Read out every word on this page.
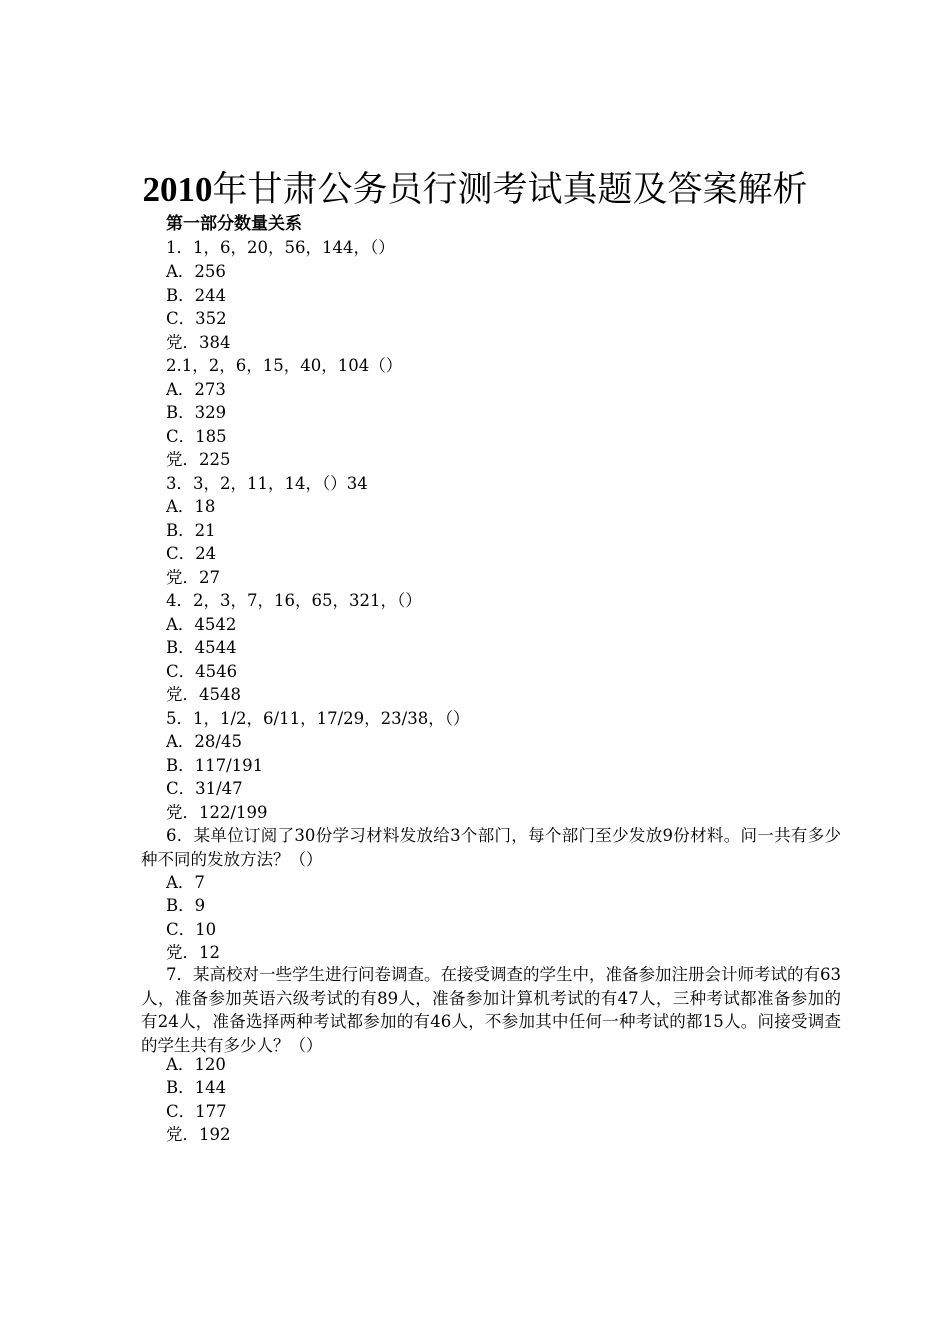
2010年甘肃公务员行测考试真题及答案解析
第一部分数量关系
1．1，6，20，56，144，（）
A．256
B．244
C．352
党．384
2.1，2，6，15，40，104（）
A．273
B．329
C．185
党．225
3．3，2，11，14，（）34
A．18
B．21
C．24
党．27
4．2，3，7，16，65，321，（）
A．4542
B．4544
C．4546
党．4548
5．1，1/2，6/11，17/29，23/38，（）
A．28/45
B．117/191
C．31/47
党．122/199
6．某单位订阅了30份学习材料发放给3个部门，每个部门至少发放9份材料。问一共有多少种不同的发放方法？（）
A．7
B．9
C．10
党．12
7．某高校对一些学生进行问卷调查。在接受调查的学生中，准备参加注册会计师考试的有63人，准备参加英语六级考试的有89人，准备参加计算机考试的有47人，三种考试都准备参加的有24人，准备选择两种考试都参加的有46人，不参加其中任何一种考试的都15人。问接受调查的学生共有多少人？（）
A．120
B．144
C．177
党．192
